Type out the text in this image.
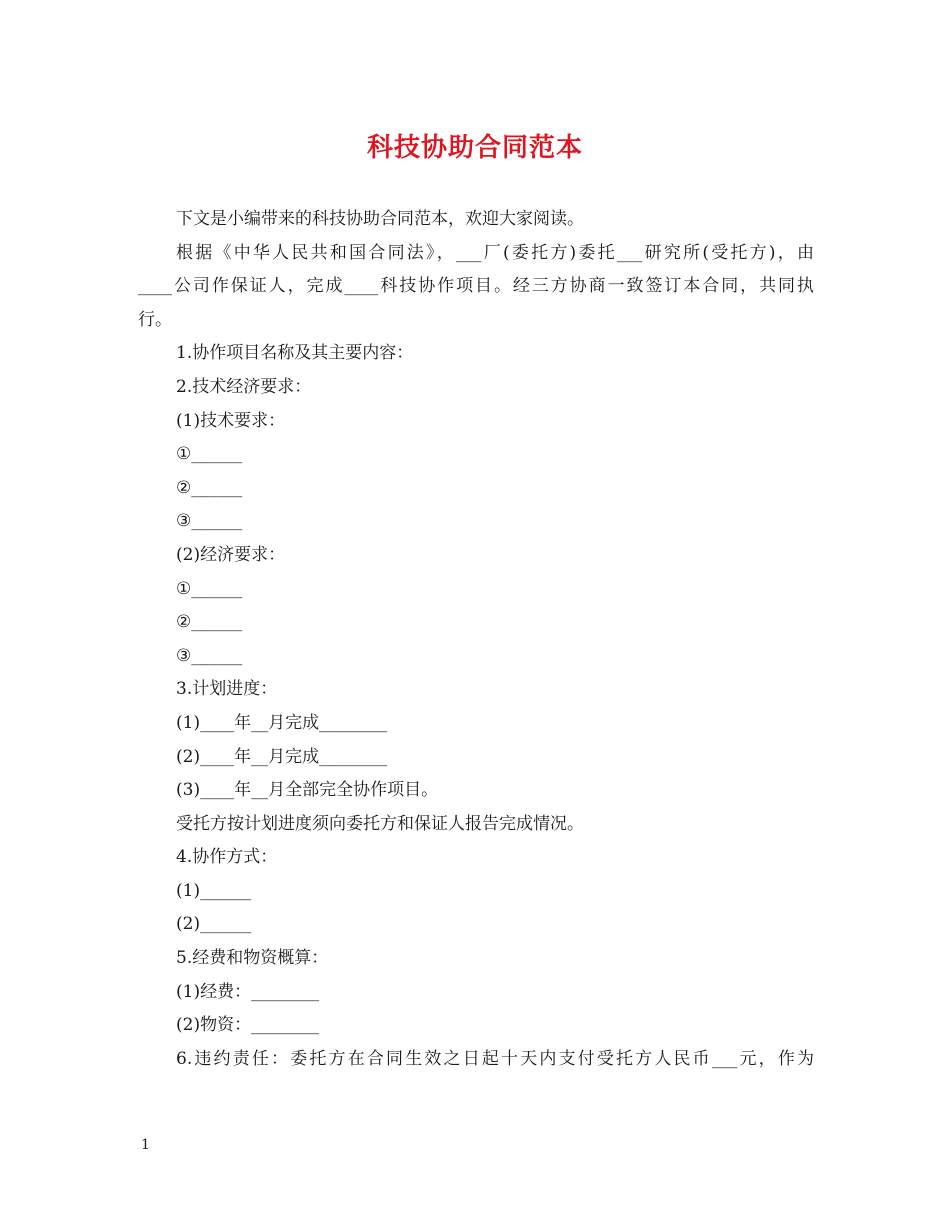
科技协助合同范本

下文是小编带来的科技协助合同范本，欢迎大家阅读。

根据《中华人民共和国合同法》，___厂(委托方)委托___研究所(受托方)，由

____公司作保证人，完成____科技协作项目。经三方协商一致签订本合同，共同执

行。

1.协作项目名称及其主要内容：

2.技术经济要求：

(1)技术要求：

①______

②______

③______

(2)经济要求：

①______

②______

③______

3.计划进度：

(1)____年__月完成________

(2)____年__月完成________

(3)____年__月全部完全协作项目。

受托方按计划进度须向委托方和保证人报告完成情况。

4.协作方式：

(1)______

(2)______

5.经费和物资概算：

(1)经费：________

(2)物资：________

6.违约责任：委托方在合同生效之日起十天内支付受托方人民币___元，作为

1
